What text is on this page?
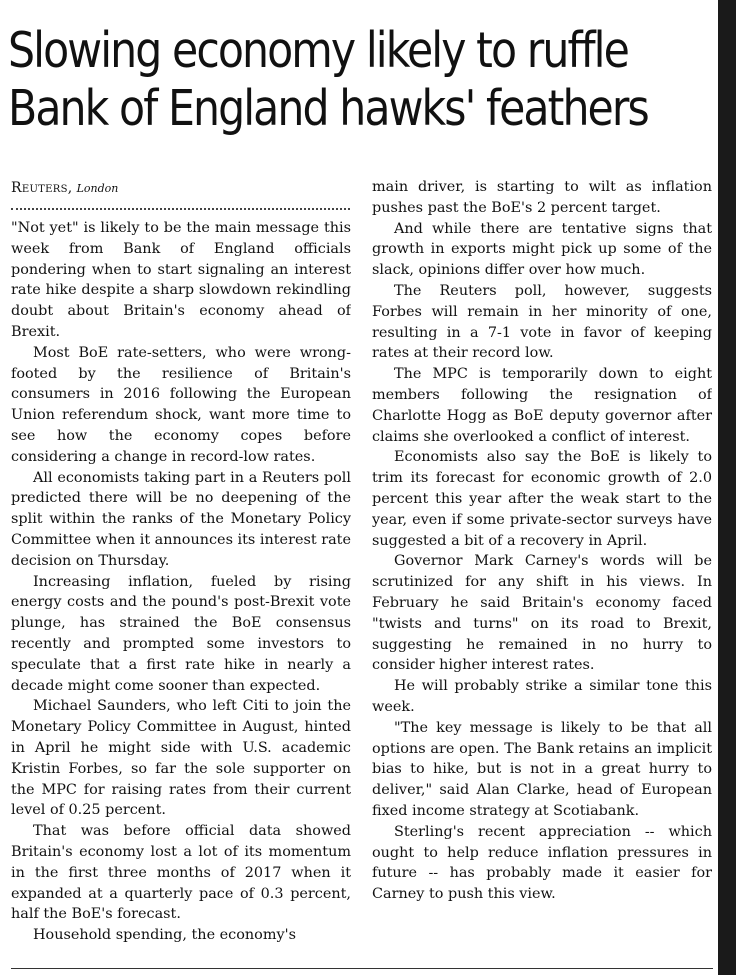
Slowing economy likely to ruffle
Bank of England hawks' feathers
Reuters, London

"Not yet" is likely to be the main message this week from Bank of England officials pondering when to start signaling an interest rate hike despite a sharp slowdown rekindling doubt about Britain's economy ahead of Brexit.

Most BoE rate-setters, who were wrong-footed by the resilience of Britain's consumers in 2016 following the European Union referendum shock, want more time to see how the economy copes before considering a change in record-low rates.

All economists taking part in a Reuters poll predicted there will be no deepening of the split within the ranks of the Monetary Policy Committee when it announces its interest rate decision on Thursday.

Increasing inflation, fueled by rising energy costs and the pound's post-Brexit vote plunge, has strained the BoE consensus recently and prompted some investors to speculate that a first rate hike in nearly a decade might come sooner than expected.

Michael Saunders, who left Citi to join the Monetary Policy Committee in August, hinted in April he might side with U.S. academic Kristin Forbes, so far the sole supporter on the MPC for raising rates from their current level of 0.25 percent.

That was before official data showed Britain's economy lost a lot of its momentum in the first three months of 2017 when it expanded at a quarterly pace of 0.3 percent, half the BoE's forecast.

Household spending, the economy's

main driver, is starting to wilt as inflation pushes past the BoE's 2 percent target.

And while there are tentative signs that growth in exports might pick up some of the slack, opinions differ over how much.

The Reuters poll, however, suggests Forbes will remain in her minority of one, resulting in a 7-1 vote in favor of keeping rates at their record low.

The MPC is temporarily down to eight members following the resignation of Charlotte Hogg as BoE deputy governor after claims she overlooked a conflict of interest.

Economists also say the BoE is likely to trim its forecast for economic growth of 2.0 percent this year after the weak start to the year, even if some private-sector surveys have suggested a bit of a recovery in April.

Governor Mark Carney's words will be scrutinized for any shift in his views. In February he said Britain's economy faced "twists and turns" on its road to Brexit, suggesting he remained in no hurry to consider higher interest rates.

He will probably strike a similar tone this week.

"The key message is likely to be that all options are open. The Bank retains an implicit bias to hike, but is not in a great hurry to deliver," said Alan Clarke, head of European fixed income strategy at Scotiabank.

Sterling's recent appreciation -- which ought to help reduce inflation pressures in future -- has probably made it easier for Carney to push this view.
